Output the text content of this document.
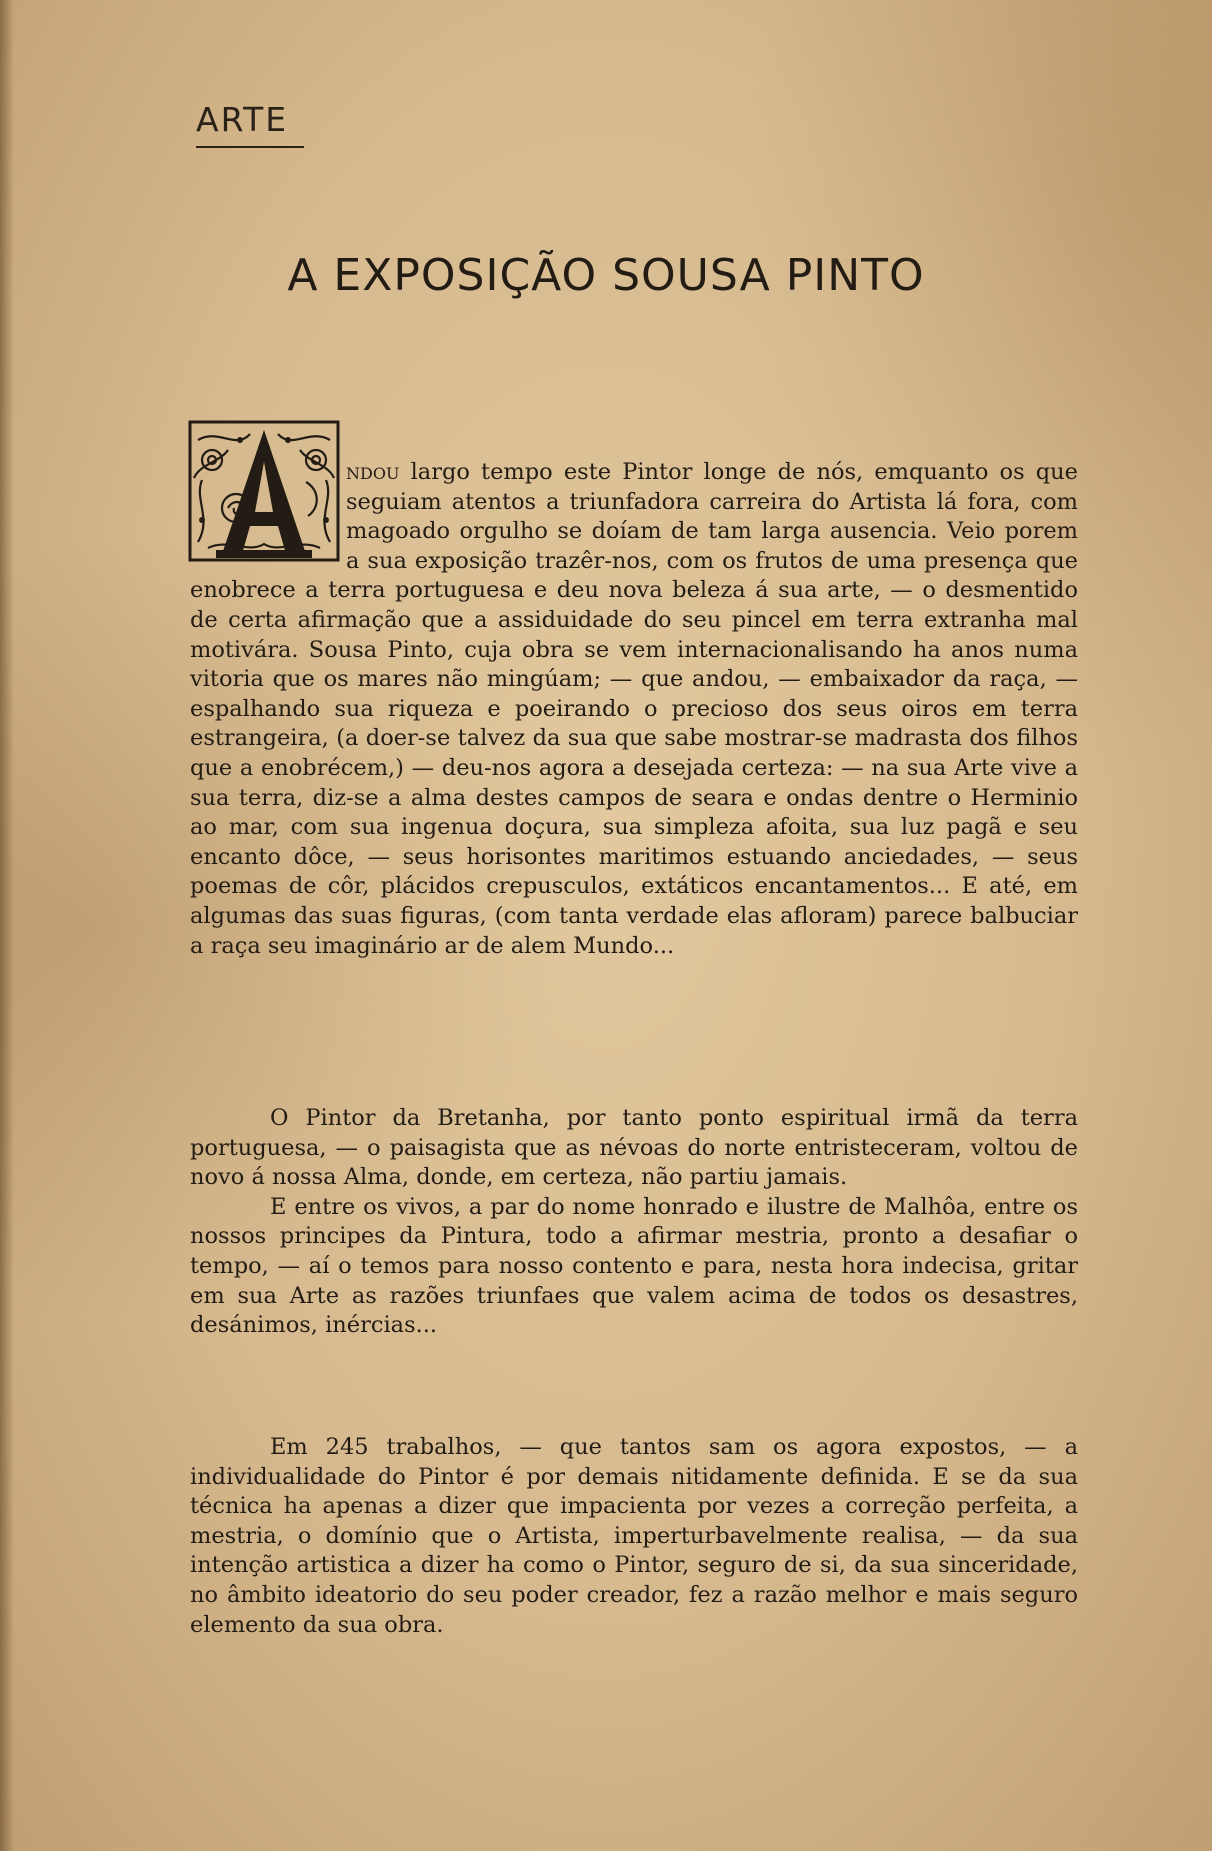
ARTE
A EXPOSIÇÃO SOUSA PINTO

ndou largo tempo este Pintor longe de nós, emquanto os que seguiam atentos a triunfadora carreira do Artista lá fora, com magoado orgulho se doíam de tam larga ausencia. Veio porem a sua exposição trazêr-nos, com os frutos de uma presença que enobrece a terra portuguesa e deu nova beleza á sua arte, — o desmentido de certa afirmação que a assiduidade do seu pincel em terra extranha mal motivára. Sousa Pinto, cuja obra se vem internacionalisando ha anos numa vitoria que os mares não mingúam; — que andou, — embaixador da raça, — espalhando sua riqueza e poeirando o precioso dos seus oiros em terra estrangeira, (a doer-se talvez da sua que sabe mostrar-se madrasta dos filhos que a enobrécem,) — deu-nos agora a desejada certeza: — na sua Arte vive a sua terra, diz-se a alma destes campos de seara e ondas dentre o Herminio ao mar, com sua ingenua doçura, sua simpleza afoita, sua luz pagã e seu encanto dôce, — seus horisontes maritimos estuando anciedades, — seus poemas de côr, plácidos crepusculos, extáticos encantamentos... E até, em algumas das suas figuras, (com tanta verdade elas afloram) parece balbuciar a raça seu imaginário ar de alem Mundo...

O Pintor da Bretanha, por tanto ponto espiritual irmã da terra portuguesa, — o paisagista que as névoas do norte entristeceram, voltou de novo á nossa Alma, donde, em certeza, não partiu jamais.

E entre os vivos, a par do nome honrado e ilustre de Malhôa, entre os nossos principes da Pintura, todo a afirmar mestria, pronto a desafiar o tempo, — aí o temos para nosso contento e para, nesta hora indecisa, gritar em sua Arte as razões triunfaes que valem acima de todos os desastres, desánimos, inércias...

Em 245 trabalhos, — que tantos sam os agora expostos, — a individualidade do Pintor é por demais nitidamente definida. E se da sua técnica ha apenas a dizer que impacienta por vezes a correção perfeita, a mestria, o domínio que o Artista, imperturbavelmente realisa, — da sua intenção artistica a dizer ha como o Pintor, seguro de si, da sua sinceridade, no âmbito ideatorio do seu poder creador, fez a razão melhor e mais seguro elemento da sua obra.
